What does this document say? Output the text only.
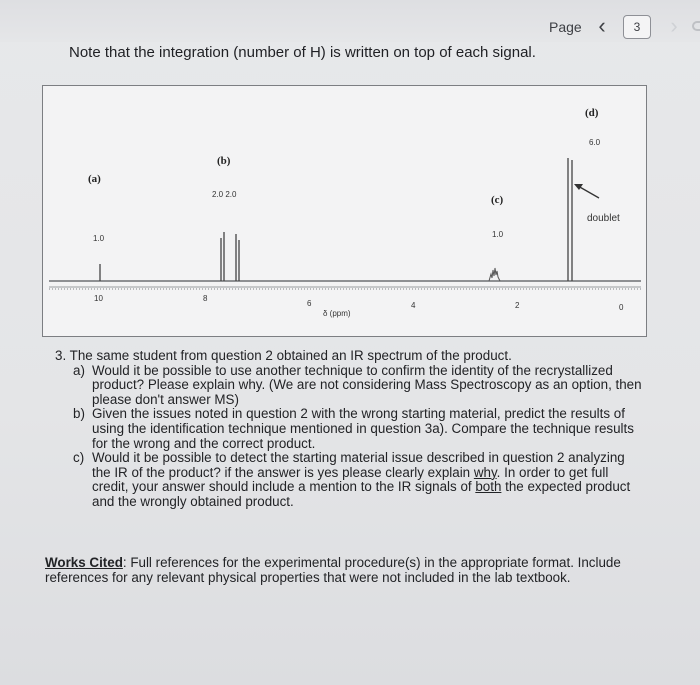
Page ‹	3	›
Note that the integration (number of H) is written on top of each signal.
(a)
1.0
(b)
2.0 2.0	(c)
1.0
(d)
6.0
doublet
10	8
6	4	2	0
δ (ppm)

3. The same student from question 2 obtained an IR spectrum of the product.

a) Would it be possible to use another technique to confirm the identity of the recrystallized product? Please explain why. (We are not considering Mass Spectroscopy as an option, then please don't answer MS)
b) Given the issues noted in question 2 with the wrong starting material, predict the results of using the identification technique mentioned in question 3a). Compare the technique results for the wrong and the correct product.
c) Would it be possible to detect the starting material issue described in question 2 analyzing the IR of the product? if the answer is yes please clearly explain why. In order to get full credit, your answer should include a mention to the IR signals of both the expected product and the wrongly obtained product.
Works Cited: Full references for the experimental procedure(s) in the appropriate format. Include references for any relevant physical properties that were not included in the lab textbook.
